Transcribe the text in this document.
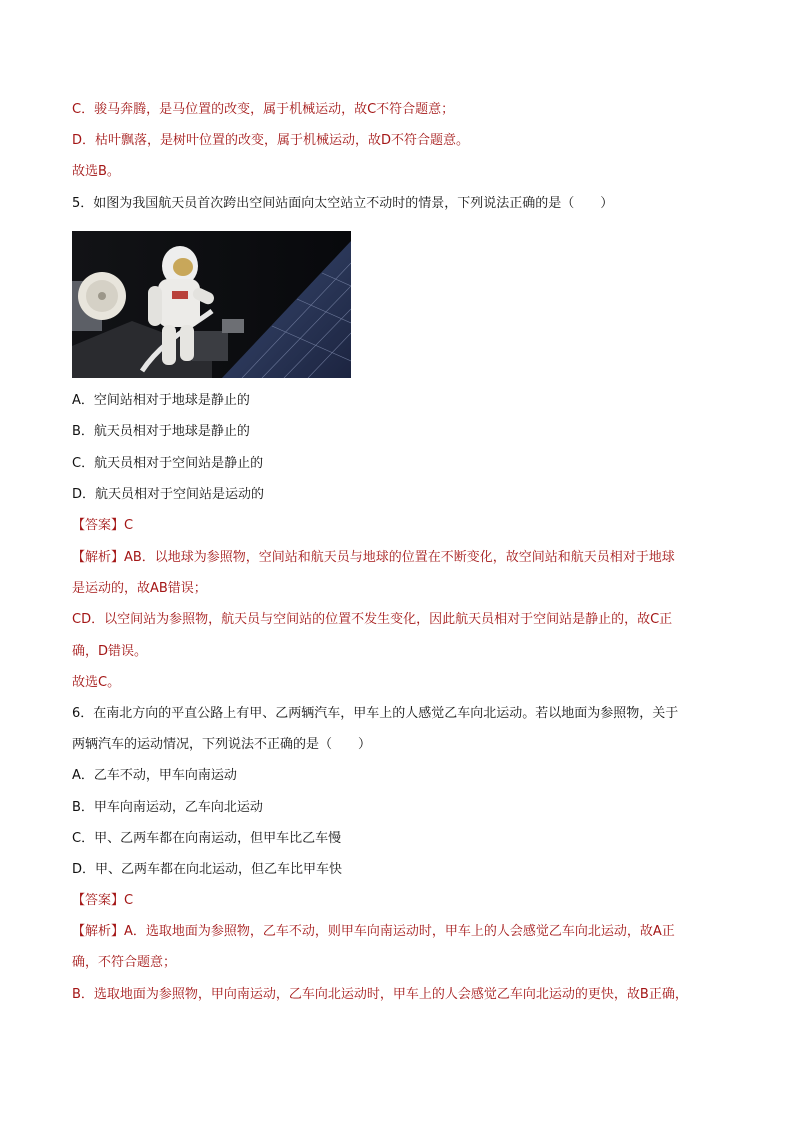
C．骏马奔腾，是马位置的改变，属于机械运动，故C不符合题意；
D．枯叶飘落，是树叶位置的改变，属于机械运动，故D不符合题意。
故选B。
5．如图为我国航天员首次跨出空间站面向太空站立不动时的情景，下列说法正确的是（　　）
A．空间站相对于地球是静止的
B．航天员相对于地球是静止的
C．航天员相对于空间站是静止的
D．航天员相对于空间站是运动的
【答案】C
【解析】AB．以地球为参照物，空间站和航天员与地球的位置在不断变化，故空间站和航天员相对于地球
是运动的，故AB错误；
CD．以空间站为参照物，航天员与空间站的位置不发生变化，因此航天员相对于空间站是静止的，故C正
确，D错误。
故选C。
6．在南北方向的平直公路上有甲、乙两辆汽车，甲车上的人感觉乙车向北运动。若以地面为参照物，关于
两辆汽车的运动情况，下列说法不正确的是（　　）
A．乙车不动，甲车向南运动
B．甲车向南运动，乙车向北运动
C．甲、乙两车都在向南运动，但甲车比乙车慢
D．甲、乙两车都在向北运动，但乙车比甲车快
【答案】C
【解析】A．选取地面为参照物，乙车不动，则甲车向南运动时，甲车上的人会感觉乙车向北运动，故A正
确，不符合题意；
B．选取地面为参照物，甲向南运动，乙车向北运动时，甲车上的人会感觉乙车向北运动的更快，故B正确，
